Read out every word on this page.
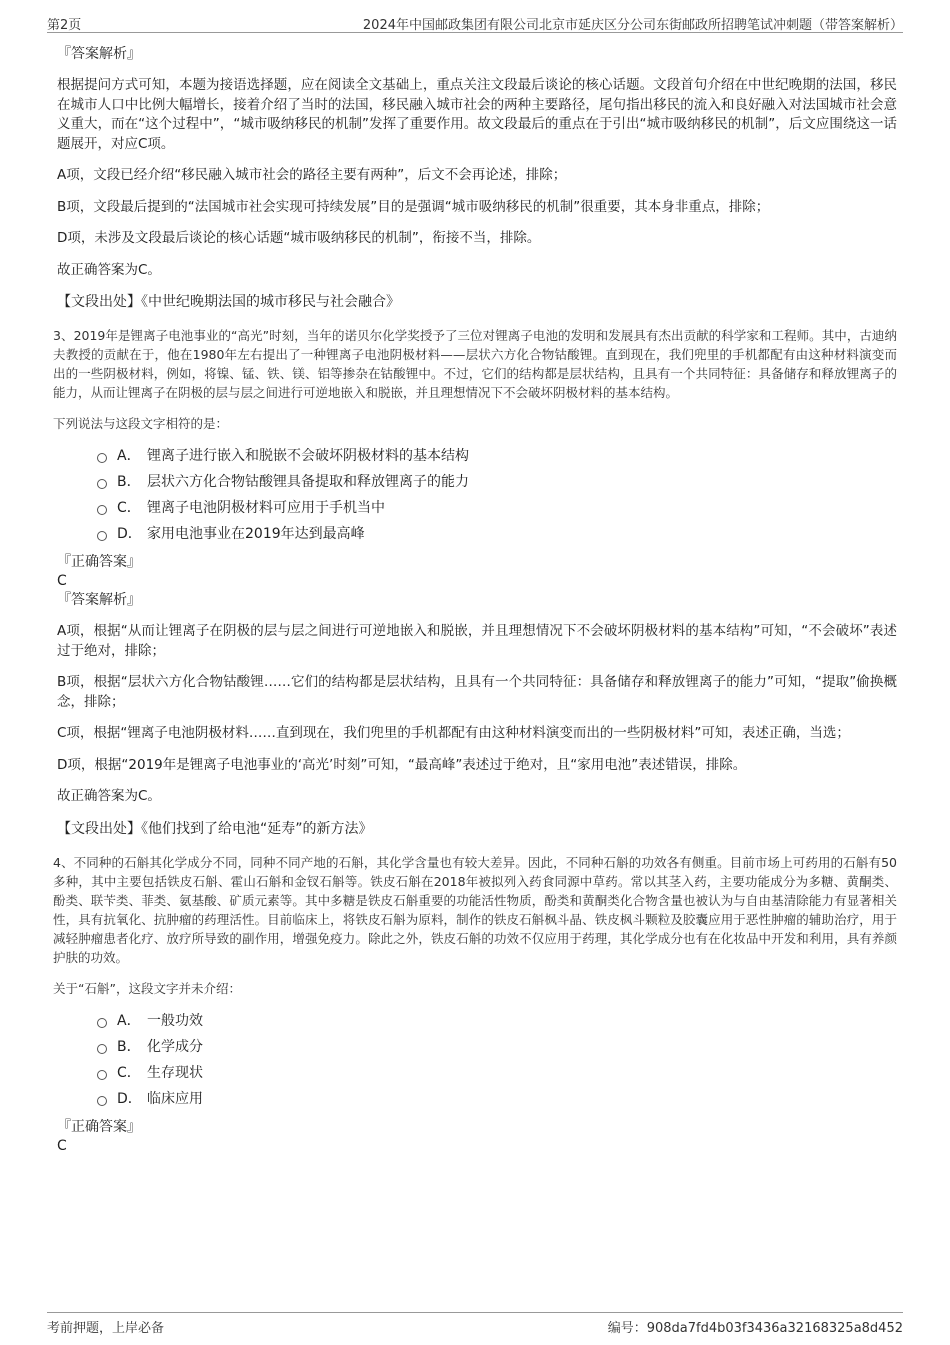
第2页	2024年中国邮政集团有限公司北京市延庆区分公司东街邮政所招聘笔试冲刺题（带答案解析）

『答案解析』

根据提问方式可知，本题为接语选择题，应在阅读全文基础上，重点关注文段最后谈论的核心话题。文段首句介绍在中世纪晚期的法国，移民在城市人口中比例大幅增长，接着介绍了当时的法国，移民融入城市社会的两种主要路径，尾句指出移民的流入和良好融入对法国城市社会意义重大，而在“这个过程中”，“城市吸纳移民的机制”发挥了重要作用。故文段最后的重点在于引出“城市吸纳移民的机制”，后文应围绕这一话题展开，对应C项。

A项，文段已经介绍“移民融入城市社会的路径主要有两种”，后文不会再论述，排除；

B项，文段最后提到的“法国城市社会实现可持续发展”目的是强调“城市吸纳移民的机制”很重要，其本身非重点，排除；

D项，未涉及文段最后谈论的核心话题“城市吸纳移民的机制”，衔接不当，排除。

故正确答案为C。

【文段出处】《中世纪晚期法国的城市移民与社会融合》

3、2019年是锂离子电池事业的“高光”时刻，当年的诺贝尔化学奖授予了三位对锂离子电池的发明和发展具有杰出贡献的科学家和工程师。其中，古迪纳夫教授的贡献在于，他在1980年左右提出了一种锂离子电池阴极材料——层状六方化合物钴酸锂。直到现在，我们兜里的手机都配有由这种材料演变而出的一些阴极材料，例如，将镍、锰、铁、镁、铝等掺杂在钴酸锂中。不过，它们的结构都是层状结构，且具有一个共同特征：具备储存和释放锂离子的能力，从而让锂离子在阴极的层与层之间进行可逆地嵌入和脱嵌，并且理想情况下不会破坏阴极材料的基本结构。

下列说法与这段文字相符的是：

A． 锂离子进行嵌入和脱嵌不会破坏阴极材料的基本结构
B． 层状六方化合物钴酸锂具备提取和释放锂离子的能力
C． 锂离子电池阴极材料可应用于手机当中
D． 家用电池事业在2019年达到最高峰

『正确答案』

C

『答案解析』

A项，根据“从而让锂离子在阴极的层与层之间进行可逆地嵌入和脱嵌，并且理想情况下不会破坏阴极材料的基本结构”可知，“不会破坏”表述过于绝对，排除；

B项，根据“层状六方化合物钴酸锂……它们的结构都是层状结构，且具有一个共同特征：具备储存和释放锂离子的能力”可知，“提取”偷换概念，排除；

C项，根据“锂离子电池阴极材料……直到现在，我们兜里的手机都配有由这种材料演变而出的一些阴极材料”可知，表述正确，当选；

D项，根据“2019年是锂离子电池事业的‘高光’时刻”可知，“最高峰”表述过于绝对，且“家用电池”表述错误，排除。

故正确答案为C。

【文段出处】《他们找到了给电池“延寿”的新方法》

4、不同种的石斛其化学成分不同，同种不同产地的石斛，其化学含量也有较大差异。因此，不同种石斛的功效各有侧重。目前市场上可药用的石斛有50多种，其中主要包括铁皮石斛、霍山石斛和金钗石斛等。铁皮石斛在2018年被拟列入药食同源中草药。常以其茎入药，主要功能成分为多糖、黄酮类、酚类、联苄类、菲类、氨基酸、矿质元素等。其中多糖是铁皮石斛重要的功能活性物质，酚类和黄酮类化合物含量也被认为与自由基清除能力有显著相关性，具有抗氧化、抗肿瘤的药理活性。目前临床上，将铁皮石斛为原料，制作的铁皮石斛枫斗晶、铁皮枫斗颗粒及胶囊应用于恶性肿瘤的辅助治疗，用于减轻肿瘤患者化疗、放疗所导致的副作用，增强免疫力。除此之外，铁皮石斛的功效不仅应用于药理，其化学成分也有在化妆品中开发和利用，具有养颜护肤的功效。

关于“石斛”，这段文字并未介绍：

A． 一般功效
B． 化学成分
C． 生存现状
D． 临床应用

『正确答案』

C

考前押题，上岸必备	编号：908da7fd4b03f3436a32168325a8d452
